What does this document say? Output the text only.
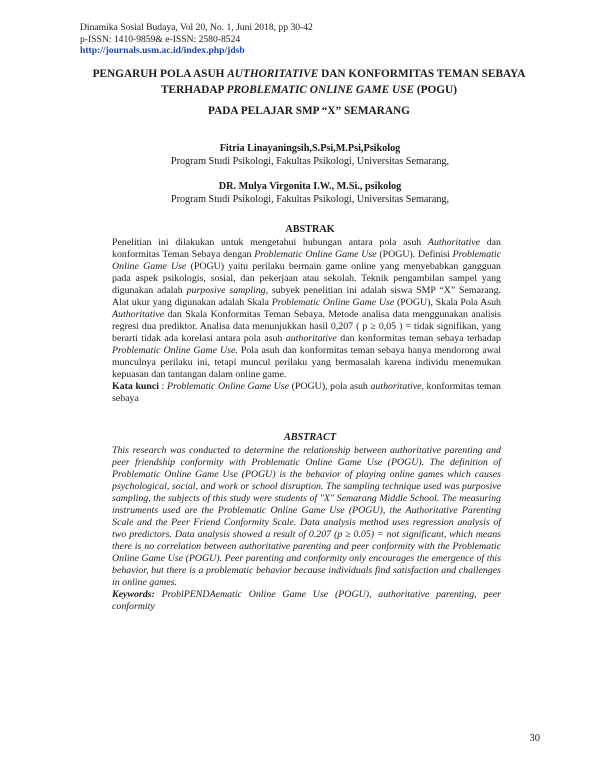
Dinamika Sosial Budaya, Vol 20, No. 1, Juni 2018, pp 30-42
p-ISSN: 1410-9859& e-ISSN: 2580-8524
http://journals.usm.ac.id/index.php/jdsb
PENGARUH POLA ASUH AUTHORITATIVE DAN KONFORMITAS TEMAN SEBAYA
TERHADAP PROBLEMATIC ONLINE GAME USE (POGU)
PADA PELAJAR SMP “X” SEMARANG
Fitria Linayaningsih,S.Psi,M.Psi,Psikolog
Program Studi Psikologi, Fakultas Psikologi, Universitas Semarang,
DR. Mulya Virgonita I.W., M.Si., psikolog
Program Studi Psikologi, Fakultas Psikologi, Universitas Semarang,
ABSTRAK
Penelitian ini dilakukan untuk mengetahui hubungan antara pola asuh Authoritative dan konformitas Teman Sebaya dengan Problematic Online Game Use (POGU). Definisi Problematic Online Game Use (POGU) yaitu perilaku bermain game online yang menyebabkan gangguan pada aspek psikologis, sosial, dan pekerjaan atau sekolah. Teknik pengambilan sampel yang digunakan adalah purposive sampling, subyek penelitian ini adalah siswa SMP “X” Semarang. Alat ukur yang digunakan adalah Skala Problematic Online Game Use (POGU), Skala Pola Asuh Authoritative dan Skala Konformitas Teman Sebaya. Metode analisa data menggunakan analisis regresi dua prediktor. Analisa data menunjukkan hasil 0,207 ( p ≥ 0,05 ) = tidak signifikan, yang berarti tidak ada korelasi antara pola asuh authoritative dan konformitas teman sebaya terhadap Problematic Online Game Use. Pola asuh dan konformitas teman sebaya hanya mendorong awal munculnya perilaku ini, tetapi muncul perilaku yang bermasalah karena individu menemukan kepuasan dan tantangan dalam online game.
Kata kunci : Problematic Online Game Use (POGU), pola asuh authoritative, konformitas teman sebaya
ABSTRACT
This research was conducted to determine the relationship between authoritative parenting and peer friendship conformity with Problematic Online Game Use (POGU). The definition of Problematic Online Game Use (POGU) is the behavior of playing online games which causes psychological, social, and work or school disruption. The sampling technique used was purposive sampling, the subjects of this study were students of "X" Semarang Middle School. The measuring instruments used are the Problematic Online Game Use (POGU), the Authoritative Parenting Scale and the Peer Friend Conformity Scale. Data analysis method uses regression analysis of two predictors. Data analysis showed a result of 0.207 (p ≥ 0.05) = not significant, which means there is no correlation between authoritative parenting and peer conformity with the Problematic Online Game Use (POGU). Peer parenting and conformity only encourages the emergence of this behavior, but there is a problematic behavior because individuals find satisfaction and challenges in online games.
Keywords: ProblPENDAematic Online Game Use (POGU), authoritative parenting, peer conformity
30
